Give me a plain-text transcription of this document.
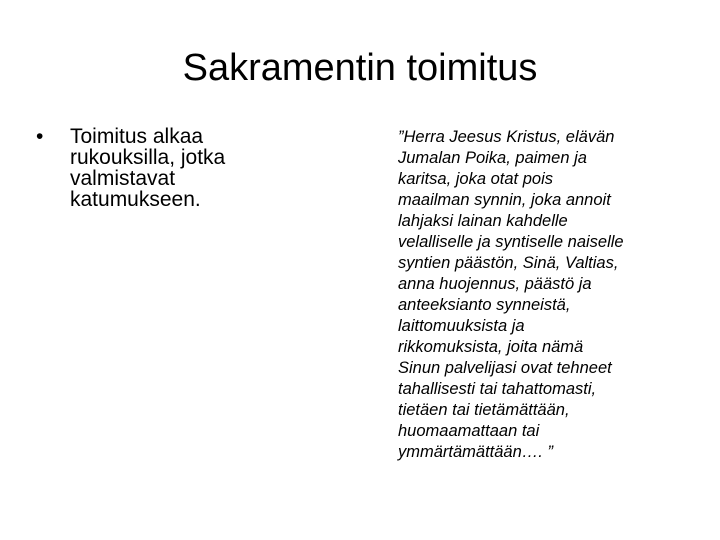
Sakramentin toimitus
•	Toimitus alkaa
rukouksilla, jotka
valmistavat
katumukseen.

”Herra Jeesus Kristus, elävän
Jumalan Poika, paimen ja
karitsa, joka otat pois
maailman synnin, joka annoit
lahjaksi lainan kahdelle
velalliselle ja syntiselle naiselle
syntien päästön, Sinä, Valtias,
anna huojennus, päästö ja
anteeksianto synneistä,
laittomuuksista ja
rikkomuksista, joita nämä
Sinun palvelijasi ovat tehneet
tahallisesti tai tahattomasti,
tietäen tai tietämättään,
huomaamattaan tai
ymmärtämättään…. ”
